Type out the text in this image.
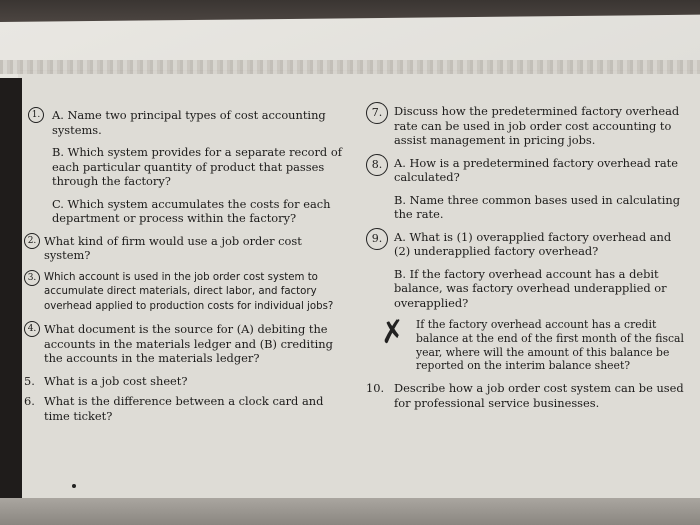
1.	A. Name two principal types of cost accounting systems.
B. Which system provides for a separate record of each particular quantity of product that passes through the factory?
C. Which system accumulates the costs for each department or process within the factory?
2. What kind of firm would use a job order cost system?
3. Which account is used in the job order cost system to accumulate direct materials, direct labor, and factory overhead applied to production costs for individual jobs?
4. What document is the source for (A) debiting the accounts in the materials ledger and (B) crediting the accounts in the materials ledger?
5. What is a job cost sheet?
6. What is the difference between a clock card and time ticket?
7.	Discuss how the predetermined factory overhead rate can be used in job order cost accounting to assist management in pricing jobs.
8.	A. How is a predetermined factory overhead rate calculated?
B. Name three common bases used in calculating the rate.
9.	A. What is (1) overapplied factory overhead and (2) underapplied factory overhead?
B. If the factory overhead account has a debit balance, was factory overhead underapplied or overapplied?
If the factory overhead account has a credit balance at the end of the first month of the fiscal year, where will the amount of this balance be reported on the interim balance sheet?
10. Describe how a job order cost system can be used for professional service businesses.
✗
